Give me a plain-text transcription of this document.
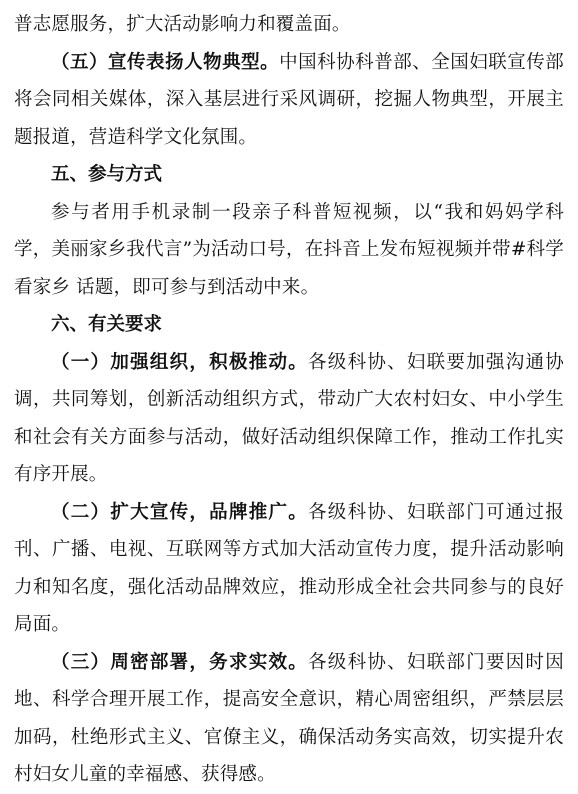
普志愿服务，扩大活动影响力和覆盖面。

（五）宣传表扬人物典型。中国科协科普部、全国妇联宣传部将会同相关媒体，深入基层进行采风调研，挖掘人物典型，开展主题报道，营造科学文化氛围。

五、参与方式

参与者用手机录制一段亲子科普短视频，以“我和妈妈学科学，美丽家乡我代言”为活动口号，在抖音上发布短视频并带#科学看家乡 话题，即可参与到活动中来。

六、有关要求

（一）加强组织，积极推动。各级科协、妇联要加强沟通协调，共同筹划，创新活动组织方式，带动广大农村妇女、中小学生和社会有关方面参与活动，做好活动组织保障工作，推动工作扎实有序开展。

（二）扩大宣传，品牌推广。各级科协、妇联部门可通过报刊、广播、电视、互联网等方式加大活动宣传力度，提升活动影响力和知名度，强化活动品牌效应，推动形成全社会共同参与的良好局面。

（三）周密部署，务求实效。各级科协、妇联部门要因时因地、科学合理开展工作，提高安全意识，精心周密组织，严禁层层加码，杜绝形式主义、官僚主义，确保活动务实高效，切实提升农村妇女儿童的幸福感、获得感。
